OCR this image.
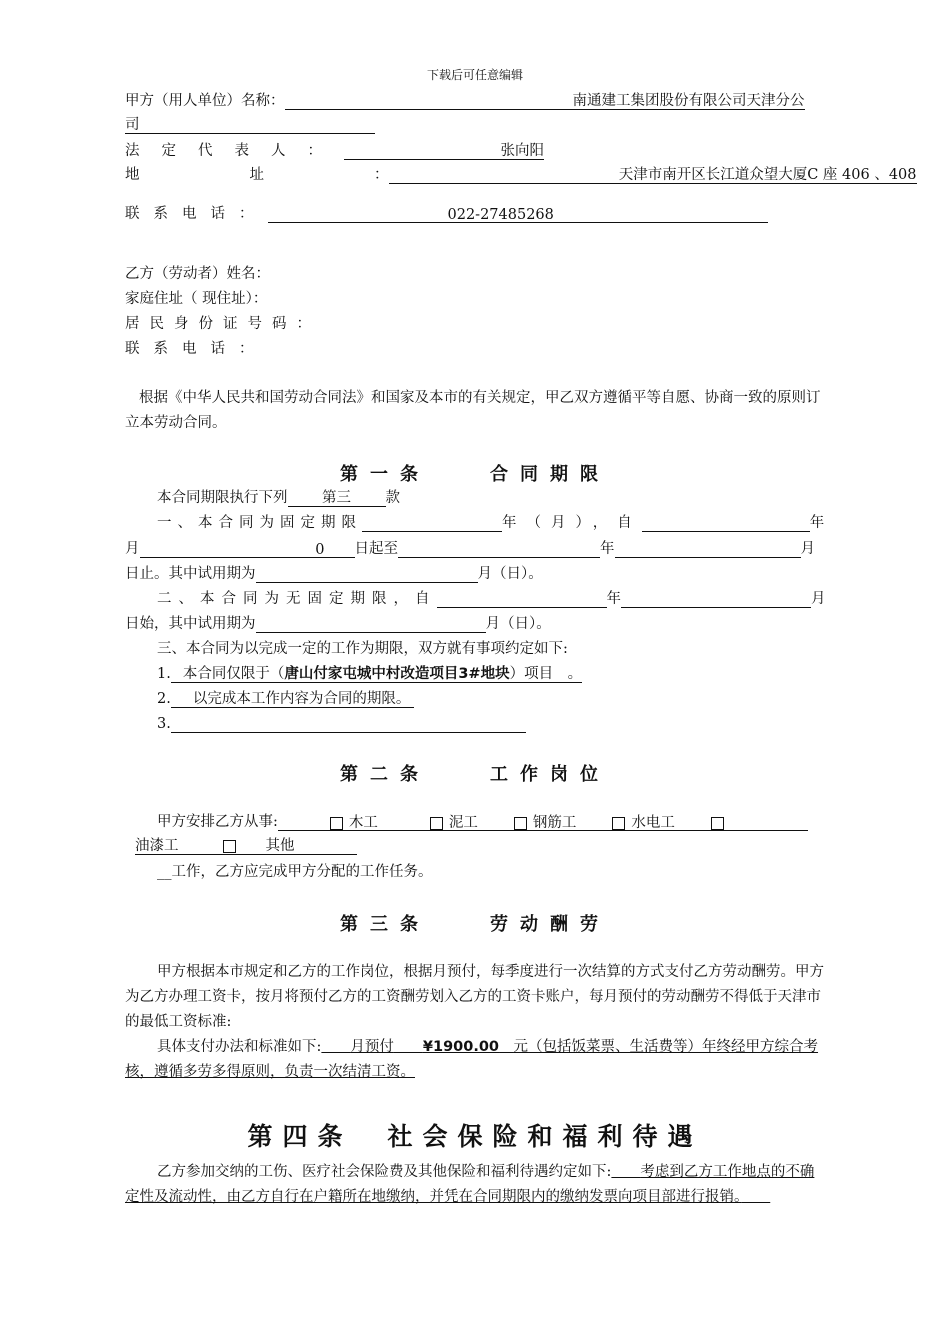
下载后可任意编辑
甲方（用人单位）名称：	南通建工集团股份有限公司天津分公
司
法定代表人：	张向阳
地址：	天津市南开区长江道众望大厦C 座 406 、408
联系电话：	022-27485268
乙方（劳动者）姓名：
家庭住址（ 现住址）：
居民身份证号码：
联系电话：
根据《中华人民共和国劳动合同法》和国家及本市的有关规定，甲乙双方遵循平等自愿、协商一致的原则订立本劳动合同。
第一条　　合同期限
本合同期限执行下列 第三 款
一、本合同为固定期限	年（月），自	年
月	0 日起至	年	月
日止。其中试用期为	月（日）。
二、本合同为无固定期限，自	年	月
日始，其中试用期为	月（日）。
三、本合同为以完成一定的工作为期限，双方就有事项约定如下:
1. 本合同仅限于（唐山付家屯城中村改造项目3#地块）项目　。
2. 以完成本工作内容为合同的期限。
3.
第二条　　工作岗位
甲方安排乙方从事:	木工	泥工	钢筋工	水电工
油漆工	其他
__工作，乙方应完成甲方分配的工作任务。
第三条　　劳动酬劳
甲方根据本市规定和乙方的工作岗位，根据月预付，每季度进行一次结算的方式支付乙方劳动酬劳。甲方为乙方办理工资卡，按月将预付乙方的工资酬劳划入乙方的工资卡账户，每月预付的劳动酬劳不得低于天津市的最低工资标准:
具体支付办法和标准如下:　　 月预付　　 ¥1900.00　 元（包括饭菜票、生活费等）年终经甲方综合考核，遵循多劳多得原则，负责一次结清工资。
第四条　社会保险和福利待遇
乙方参加交纳的工伤、医疗社会保险费及其他保险和福利待遇约定如下:　　 考虑到乙方工作地点的不确定性及流动性，由乙方自行在户籍所在地缴纳，并凭在合同期限内的缴纳发票向项目部进行报销。　　
